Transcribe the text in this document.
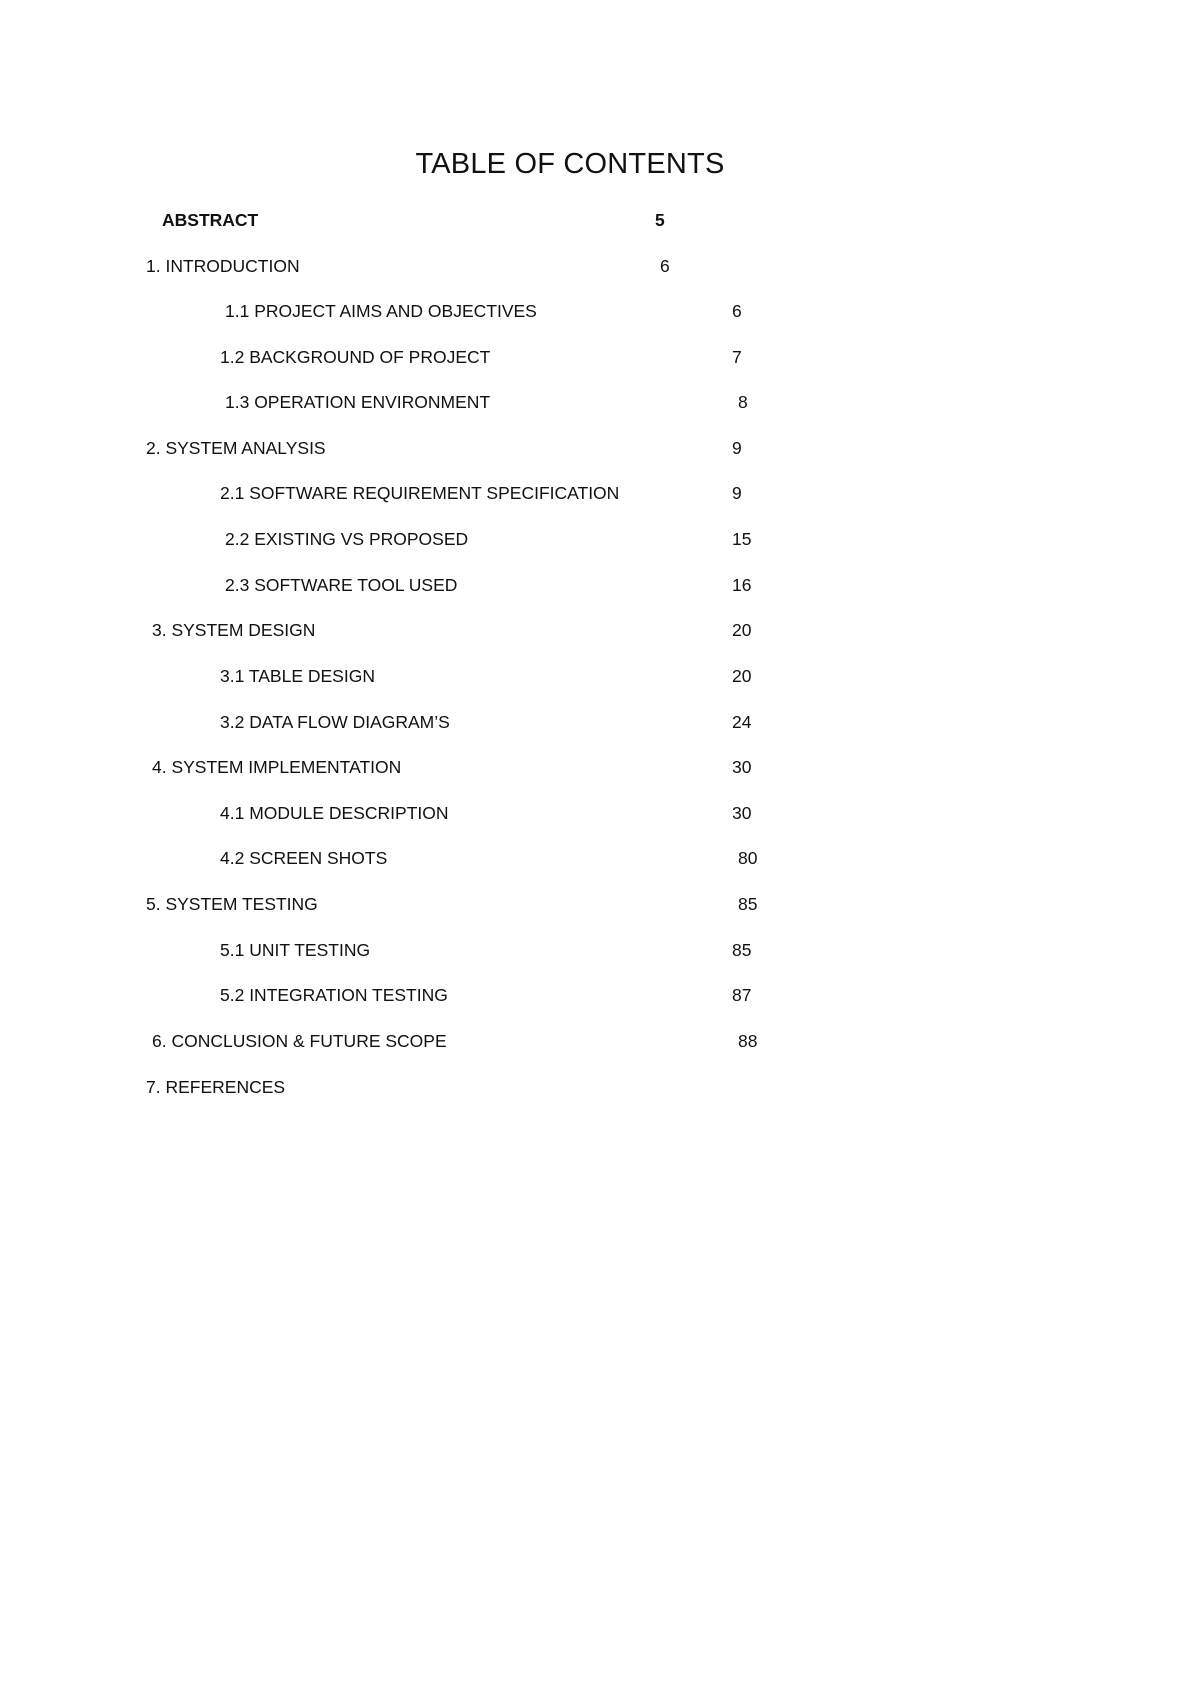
TABLE OF CONTENTS
ABSTRACT	5
1. INTRODUCTION	6
1.1 PROJECT AIMS AND OBJECTIVES	6
1.2 BACKGROUND OF PROJECT	7
1.3 OPERATION ENVIRONMENT	8
2. SYSTEM ANALYSIS	9
2.1 SOFTWARE REQUIREMENT SPECIFICATION	9
2.2 EXISTING VS PROPOSED	15
2.3 SOFTWARE TOOL USED	16
3. SYSTEM DESIGN	20
3.1 TABLE DESIGN	20
3.2 DATA FLOW DIAGRAM’S	24
4. SYSTEM IMPLEMENTATION	30
4.1 MODULE DESCRIPTION	30
4.2 SCREEN SHOTS	80
5. SYSTEM TESTING	85
5.1 UNIT TESTING	85
5.2 INTEGRATION TESTING	87
6. CONCLUSION & FUTURE SCOPE	88
7. REFERENCES
